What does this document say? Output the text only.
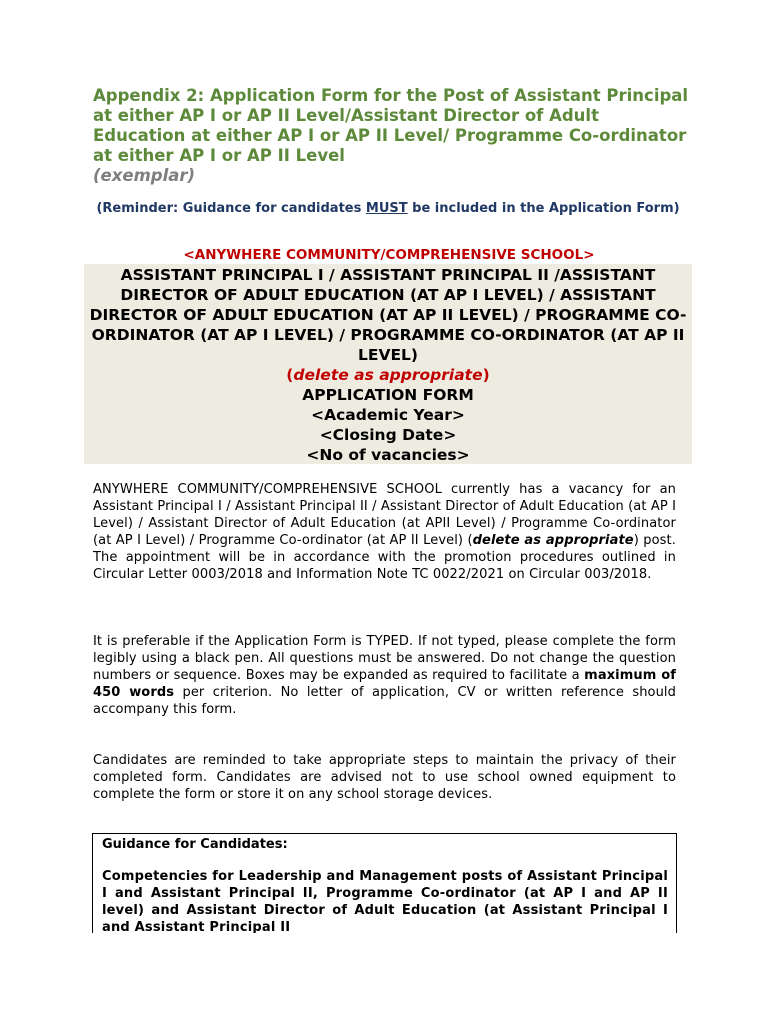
Appendix 2: Application Form for the Post of Assistant Principal at either AP I or AP II Level/Assistant Director of Adult Education at either AP I or AP II Level/ Programme Co-ordinator at either AP I or AP II Level
(exemplar)
(Reminder: Guidance for candidates MUST be included in the Application Form)
<ANYWHERE COMMUNITY/COMPREHENSIVE SCHOOL>
ASSISTANT PRINCIPAL I / ASSISTANT PRINCIPAL II /ASSISTANT DIRECTOR OF ADULT EDUCATION (AT AP I LEVEL) / ASSISTANT DIRECTOR OF ADULT EDUCATION (AT AP II LEVEL) / PROGRAMME CO-ORDINATOR (AT AP I LEVEL) / PROGRAMME CO-ORDINATOR (AT AP II LEVEL)
(delete as appropriate)
APPLICATION FORM
<Academic Year>
<Closing Date>
<No of vacancies>
ANYWHERE COMMUNITY/COMPREHENSIVE SCHOOL currently has a vacancy for an Assistant Principal I / Assistant Principal II / Assistant Director of Adult Education (at AP I Level) / Assistant Director of Adult Education (at APII Level) / Programme Co-ordinator (at AP I Level) / Programme Co-ordinator (at AP II Level) (delete as appropriate) post. The appointment will be in accordance with the promotion procedures outlined in Circular Letter 0003/2018 and Information Note TC 0022/2021 on Circular 003/2018.
It is preferable if the Application Form is TYPED. If not typed, please complete the form legibly using a black pen. All questions must be answered. Do not change the question numbers or sequence. Boxes may be expanded as required to facilitate a maximum of 450 words per criterion. No letter of application, CV or written reference should accompany this form.
Candidates are reminded to take appropriate steps to maintain the privacy of their completed form. Candidates are advised not to use school owned equipment to complete the form or store it on any school storage devices.
Guidance for Candidates:
Competencies for Leadership and Management posts of Assistant Principal I and Assistant Principal II, Programme Co-ordinator (at AP I and AP II level) and Assistant Director of Adult Education (at Assistant Principal I and Assistant Principal II
